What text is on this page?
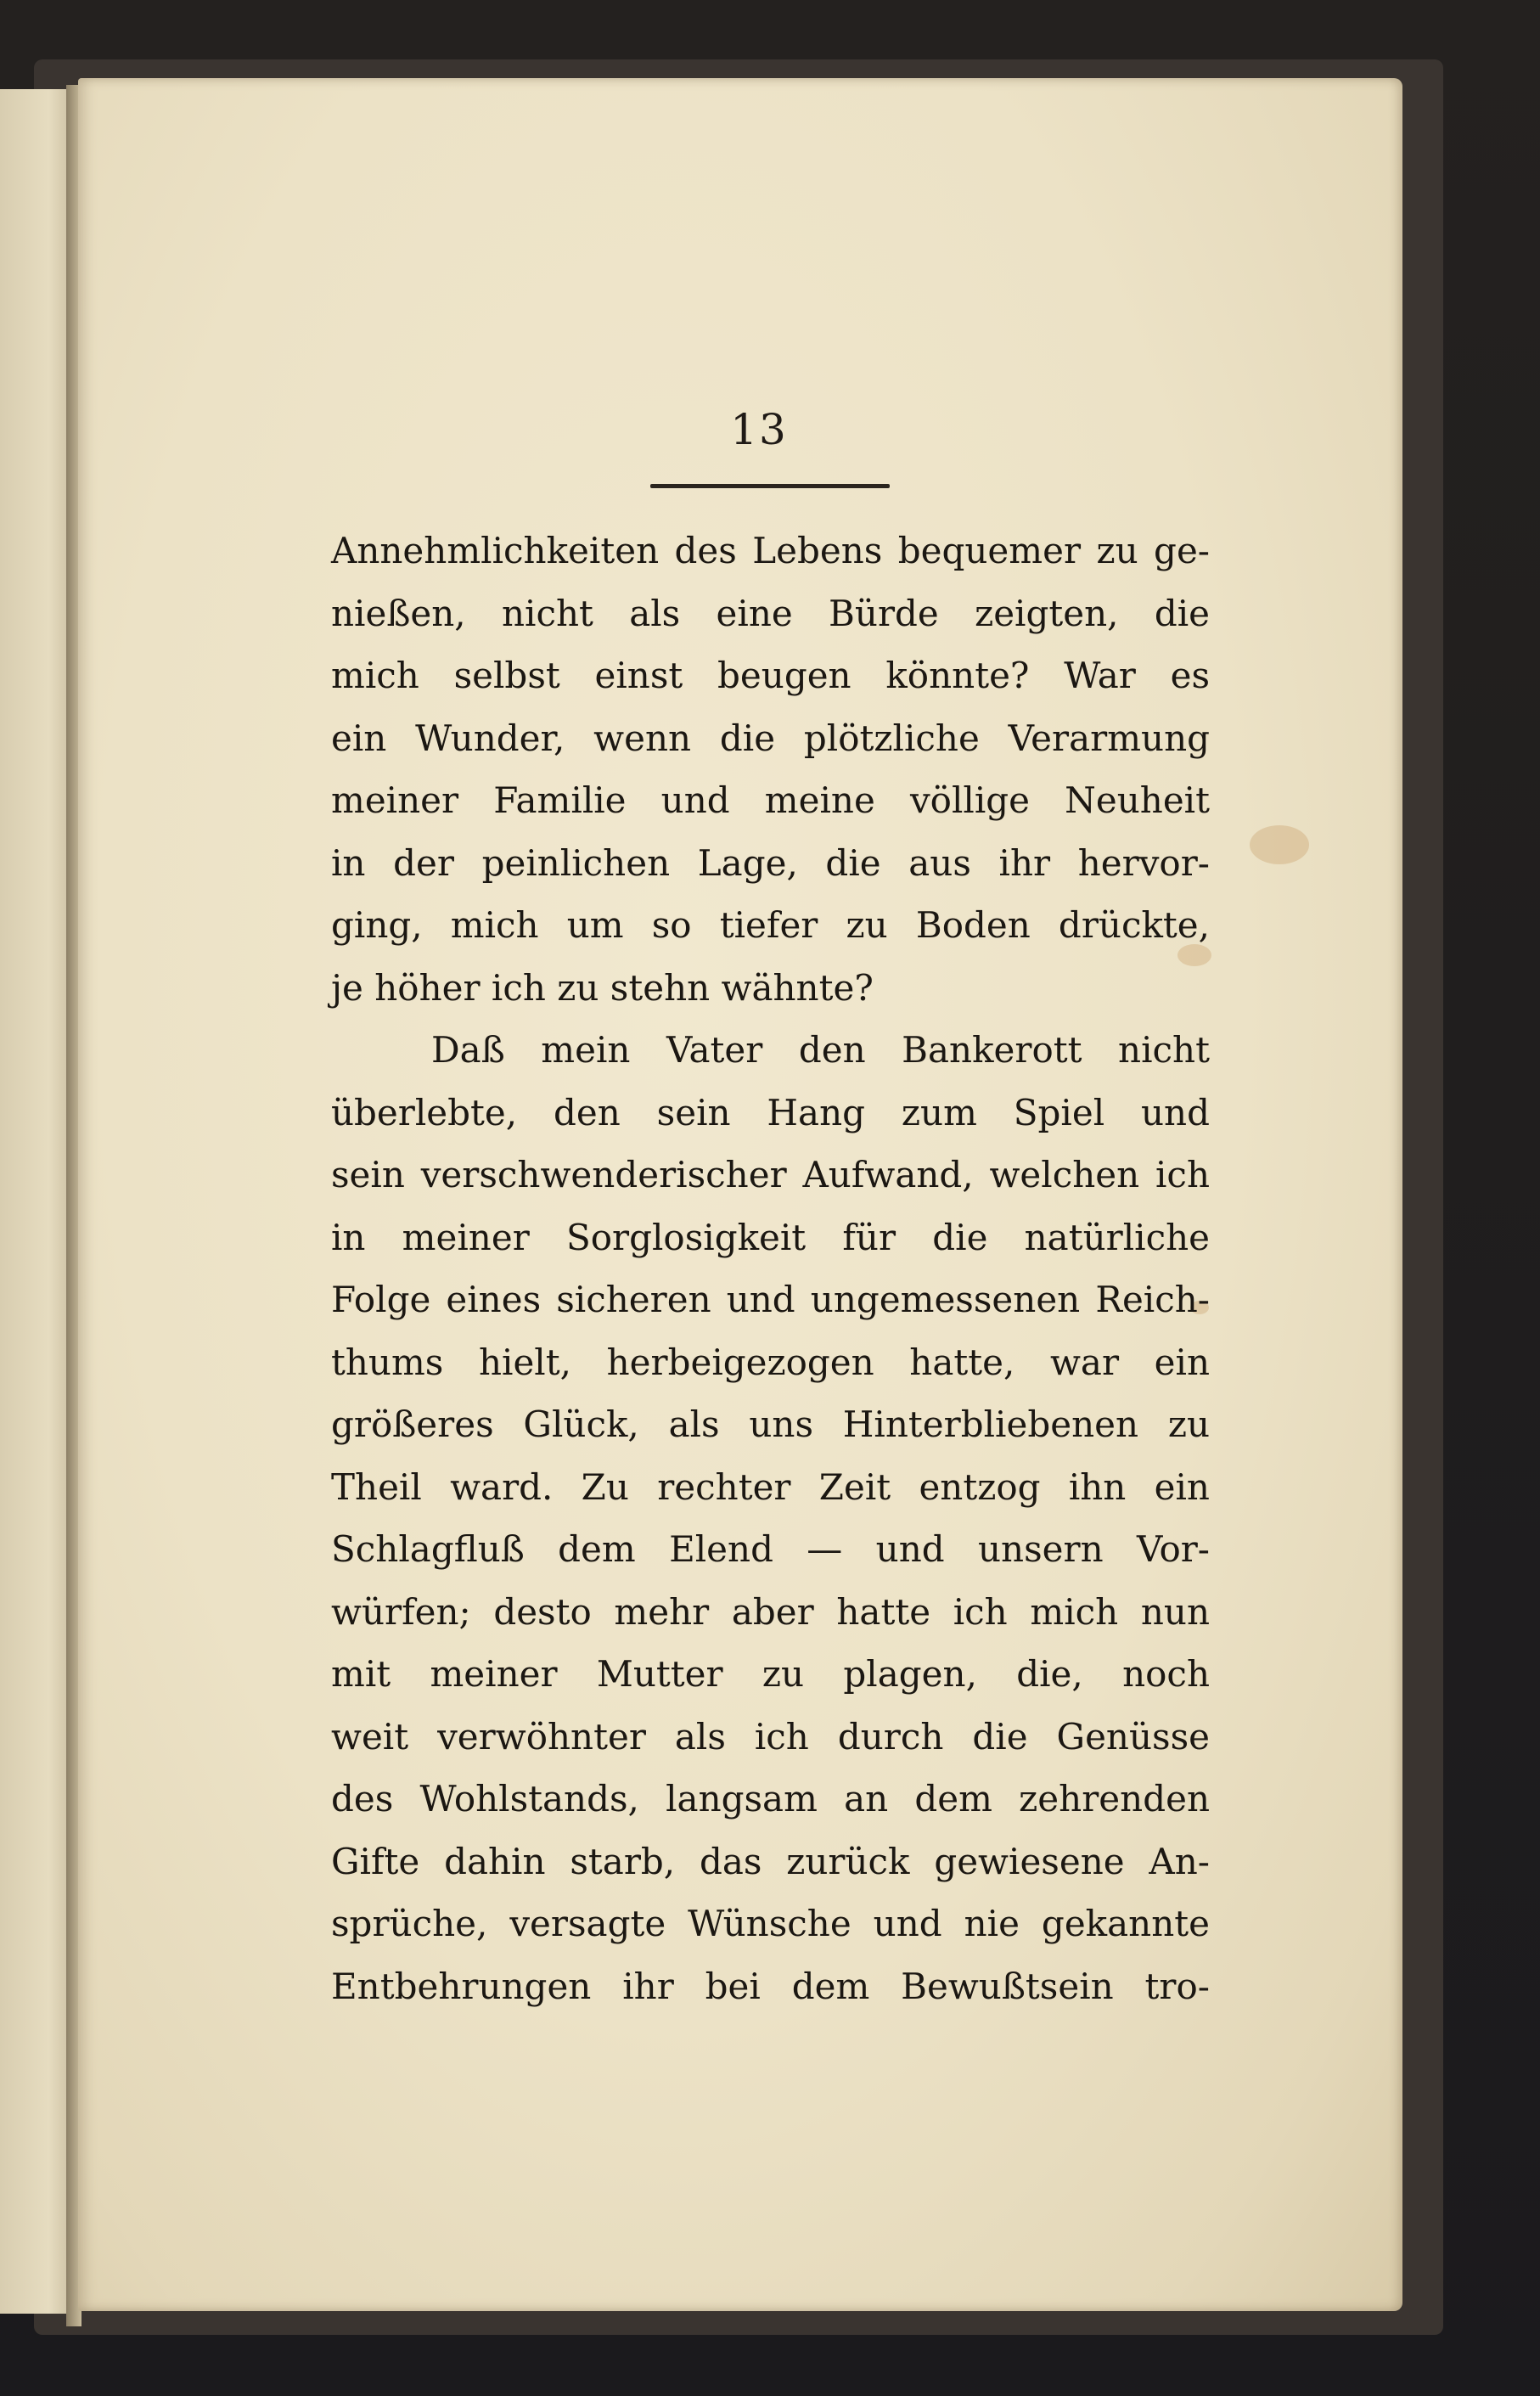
13
Annehmlichkeiten des Lebens bequemer zu ge-
nießen, nicht als eine Bürde zeigten, die
mich selbst einst beugen könnte? War es
ein Wunder, wenn die plötzliche Verarmung
meiner Familie und meine völlige Neuheit
in der peinlichen Lage, die aus ihr hervor-
ging, mich um so tiefer zu Boden drückte,
je höher ich zu stehn wähnte?
Daß mein Vater den Bankerott nicht
überlebte, den sein Hang zum Spiel und
sein verschwenderischer Aufwand, welchen ich
in meiner Sorglosigkeit für die natürliche
Folge eines sicheren und ungemessenen Reich-
thums hielt, herbeigezogen hatte, war ein
größeres Glück, als uns Hinterbliebenen zu
Theil ward. Zu rechter Zeit entzog ihn ein
Schlagfluß dem Elend — und unsern Vor-
würfen; desto mehr aber hatte ich mich nun
mit meiner Mutter zu plagen, die, noch
weit verwöhnter als ich durch die Genüsse
des Wohlstands, langsam an dem zehrenden
Gifte dahin starb, das zurück gewiesene An-
sprüche, versagte Wünsche und nie gekannte
Entbehrungen ihr bei dem Bewußtsein tro-
